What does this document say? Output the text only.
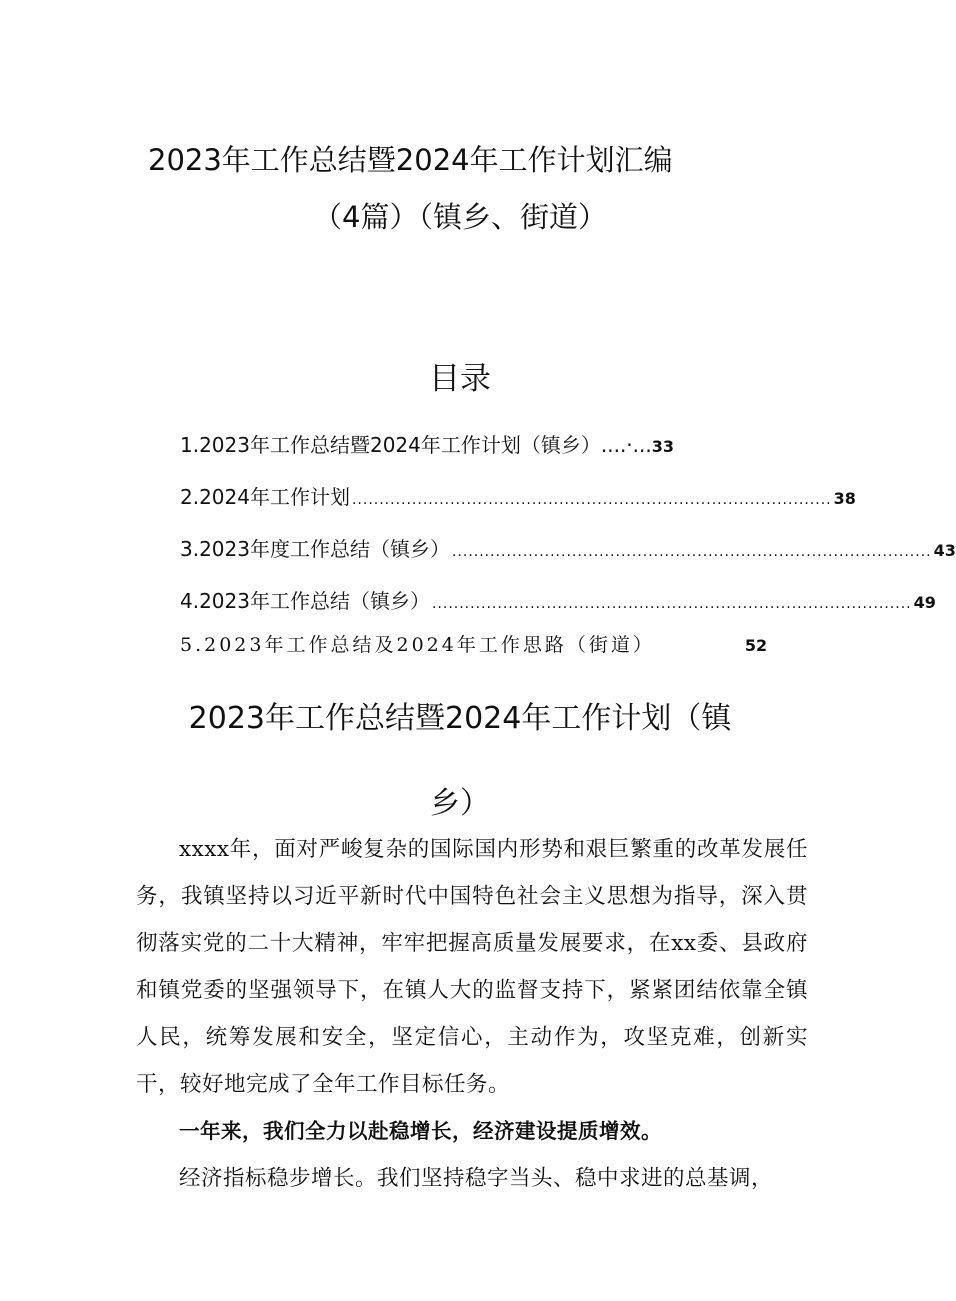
2023年工作总结暨2024年工作计划汇编
（4篇）（镇乡、街道）
目录
1.2023年工作总结暨2024年工作计划（镇乡）....·... 33
2.2024年工作计划 ........................................................................................ 38
3.2023年度工作总结（镇乡） ........................................................................................ 43
4.2023年工作总结（镇乡） ........................................................................................ 49
5.2023年工作总结及2024年工作思路（街道）	52
2023年工作总结暨2024年工作计划（镇
乡）

xxxx年，面对严峻复杂的国际国内形势和艰巨繁重的改革发展任务，我镇坚持以习近平新时代中国特色社会主义思想为指导，深入贯彻落实党的二十大精神，牢牢把握高质量发展要求，在xx委、县政府和镇党委的坚强领导下，在镇人大的监督支持下，紧紧团结依靠全镇人民，统筹发展和安全，坚定信心，主动作为，攻坚克难，创新实干，较好地完成了全年工作目标任务。

一年来，我们全力以赴稳增长，经济建设提质增效。

经济指标稳步增长。我们坚持稳字当头、稳中求进的总基调，
